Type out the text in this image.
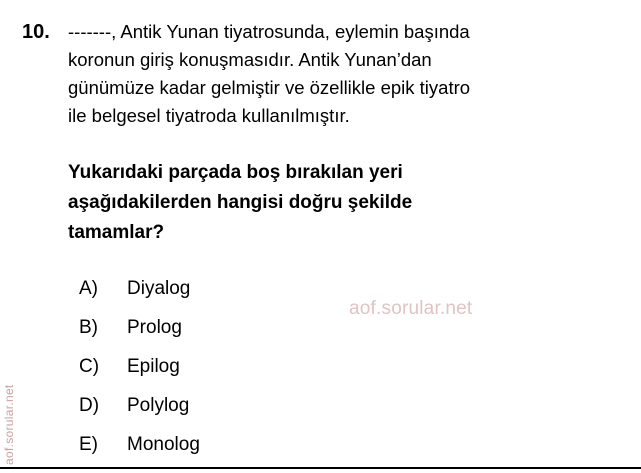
aof.sorular.net
10. -------, Antik Yunan tiyatrosunda, eylemin başında
koronun giriş konuşmasıdır. Antik Yunan’dan
günümüze kadar gelmiştir ve özellikle epik tiyatro
ile belgesel tiyatroda kullanılmıştır.
Yukarıdaki parçada boş bırakılan yeri
aşağıdakilerden hangisi doğru şekilde
tamamlar?
A)	Diyalog
B)	Prolog
C)	Epilog
D)	Polylog
E)	Monolog
aof.sorular.net
